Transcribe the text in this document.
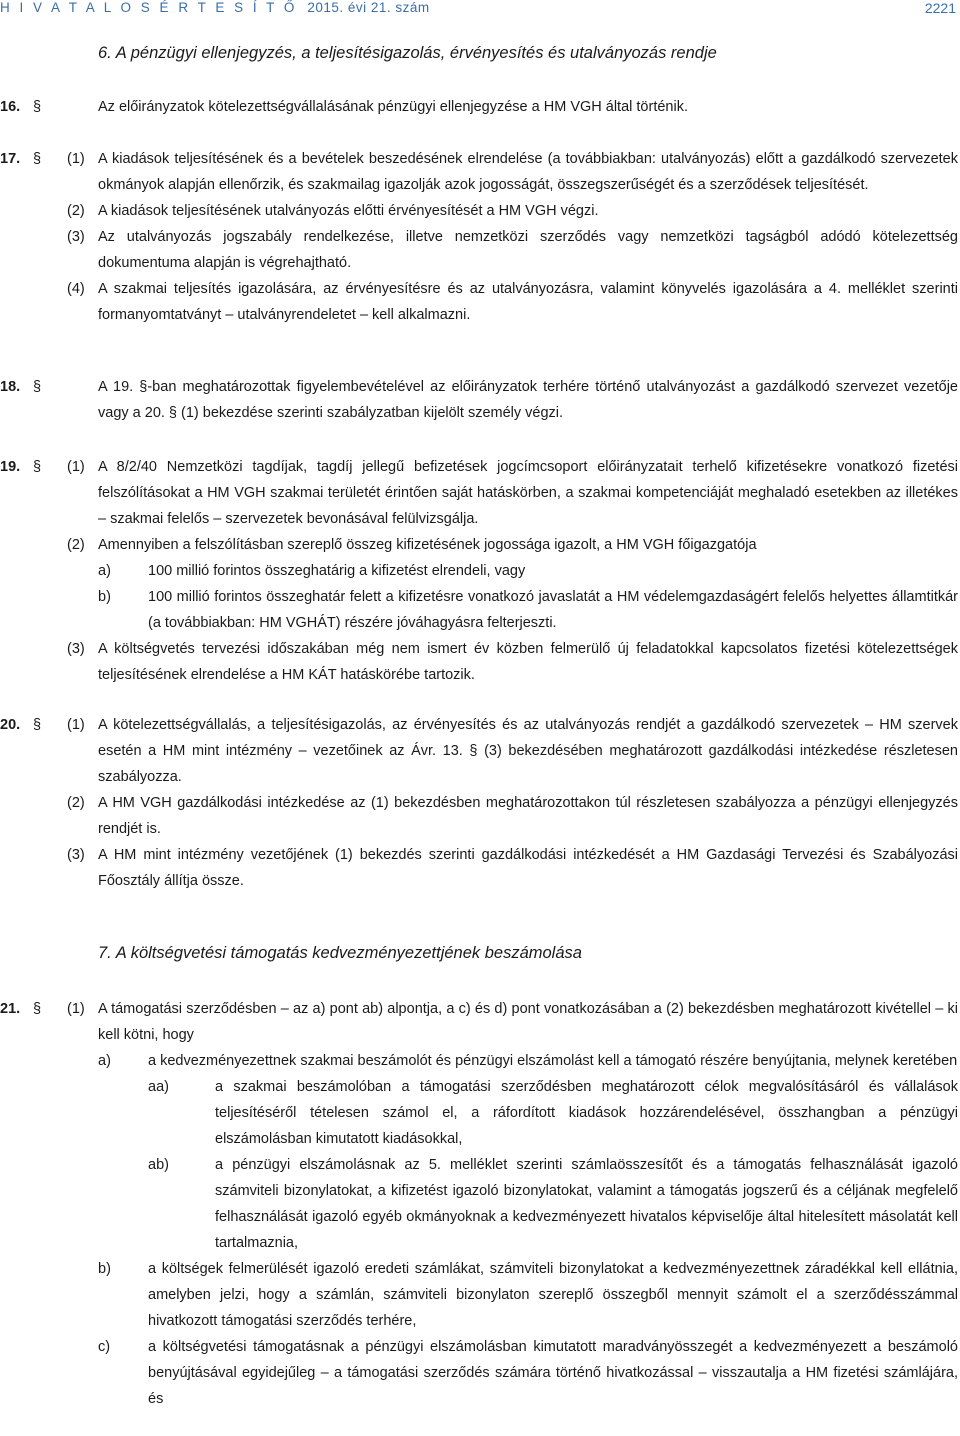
H I V A T A L O S É R T E S Í T Ő 2015. évi 21. szám	2221
6. A pénzügyi ellenjegyzés, a teljesítésigazolás, érvényesítés és utalványozás rendje
16. §	Az előirányzatok kötelezettségvállalásának pénzügyi ellenjegyzése a HM VGH által történik.
17. § (1) A kiadások teljesítésének és a bevételek beszedésének elrendelése (a továbbiakban: utalványozás) előtt a gazdálkodó szervezetek okmányok alapján ellenőrzik, és szakmailag igazolják azok jogosságát, összegszerűségét és a szerződések teljesítését.
(2) A kiadások teljesítésének utalványozás előtti érvényesítését a HM VGH végzi.
(3) Az utalványozás jogszabály rendelkezése, illetve nemzetközi szerződés vagy nemzetközi tagságból adódó kötelezettség dokumentuma alapján is végrehajtható.
(4) A szakmai teljesítés igazolására, az érvényesítésre és az utalványozásra, valamint könyvelés igazolására a 4. melléklet szerinti formanyomtatványt – utalványrendeletet – kell alkalmazni.
18. §	A 19. §-ban meghatározottak figyelembevételével az előirányzatok terhére történő utalványozást a gazdálkodó szervezet vezetője vagy a 20. § (1) bekezdése szerinti szabályzatban kijelölt személy végzi.
19. § (1) A 8/2/40 Nemzetközi tagdíjak, tagdíj jellegű befizetések jogcímcsoport előirányzatait terhelő kifizetésekre vonatkozó fizetési felszólításokat a HM VGH szakmai területét érintően saját hatáskörben, a szakmai kompetenciáját meghaladó esetekben az illetékes – szakmai felelős – szervezetek bevonásával felülvizsgálja.
(2) Amennyiben a felszólításban szereplő összeg kifizetésének jogossága igazolt, a HM VGH főigazgatója
a)	100 millió forintos összeghatárig a kifizetést elrendeli, vagy
b)	100 millió forintos összeghatár felett a kifizetésre vonatkozó javaslatát a HM védelemgazdaságért felelős helyettes államtitkár (a továbbiakban: HM VGHÁT) részére jóváhagyásra felterjeszti.
(3) A költségvetés tervezési időszakában még nem ismert év közben felmerülő új feladatokkal kapcsolatos fizetési kötelezettségek teljesítésének elrendelése a HM KÁT hatáskörébe tartozik.
20. § (1) A kötelezettségvállalás, a teljesítésigazolás, az érvényesítés és az utalványozás rendjét a gazdálkodó szervezetek – HM szervek esetén a HM mint intézmény – vezetőinek az Ávr. 13. § (3) bekezdésében meghatározott gazdálkodási intézkedése részletesen szabályozza.
(2) A HM VGH gazdálkodási intézkedése az (1) bekezdésben meghatározottakon túl részletesen szabályozza a pénzügyi ellenjegyzés rendjét is.
(3) A HM mint intézmény vezetőjének (1) bekezdés szerinti gazdálkodási intézkedését a HM Gazdasági Tervezési és Szabályozási Főosztály állítja össze.
7. A költségvetési támogatás kedvezményezettjének beszámolása
21. § (1) A támogatási szerződésben – az a) pont ab) alpontja, a c) és d) pont vonatkozásában a (2) bekezdésben meghatározott kivétellel – ki kell kötni, hogy
a)	a kedvezményezettnek szakmai beszámolót és pénzügyi elszámolást kell a támogató részére benyújtania, melynek keretében
aa)	a szakmai beszámolóban a támogatási szerződésben meghatározott célok megvalósításáról és vállalások teljesítéséről tételesen számol el, a ráfordított kiadások hozzárendelésével, összhangban a pénzügyi elszámolásban kimutatott kiadásokkal,
ab)	a pénzügyi elszámolásnak az 5. melléklet szerinti számlaösszesítőt és a támogatás felhasználását igazoló számviteli bizonylatokat, a kifizetést igazoló bizonylatokat, valamint a támogatás jogszerű és a céljának megfelelő felhasználását igazoló egyéb okmányoknak a kedvezményezett hivatalos képviselője által hitelesített másolatát kell tartalmaznia,
b)	a költségek felmerülését igazoló eredeti számlákat, számviteli bizonylatokat a kedvezményezettnek záradékkal kell ellátnia, amelyben jelzi, hogy a számlán, számviteli bizonylaton szereplő összegből mennyit számolt el a szerződésszámmal hivatkozott támogatási szerződés terhére,
c)	a költségvetési támogatásnak a pénzügyi elszámolásban kimutatott maradványösszegét a kedvezményezett a beszámoló benyújtásával egyidejűleg – a támogatási szerződés számára történő hivatkozással – visszautalja a HM fizetési számlájára, és
